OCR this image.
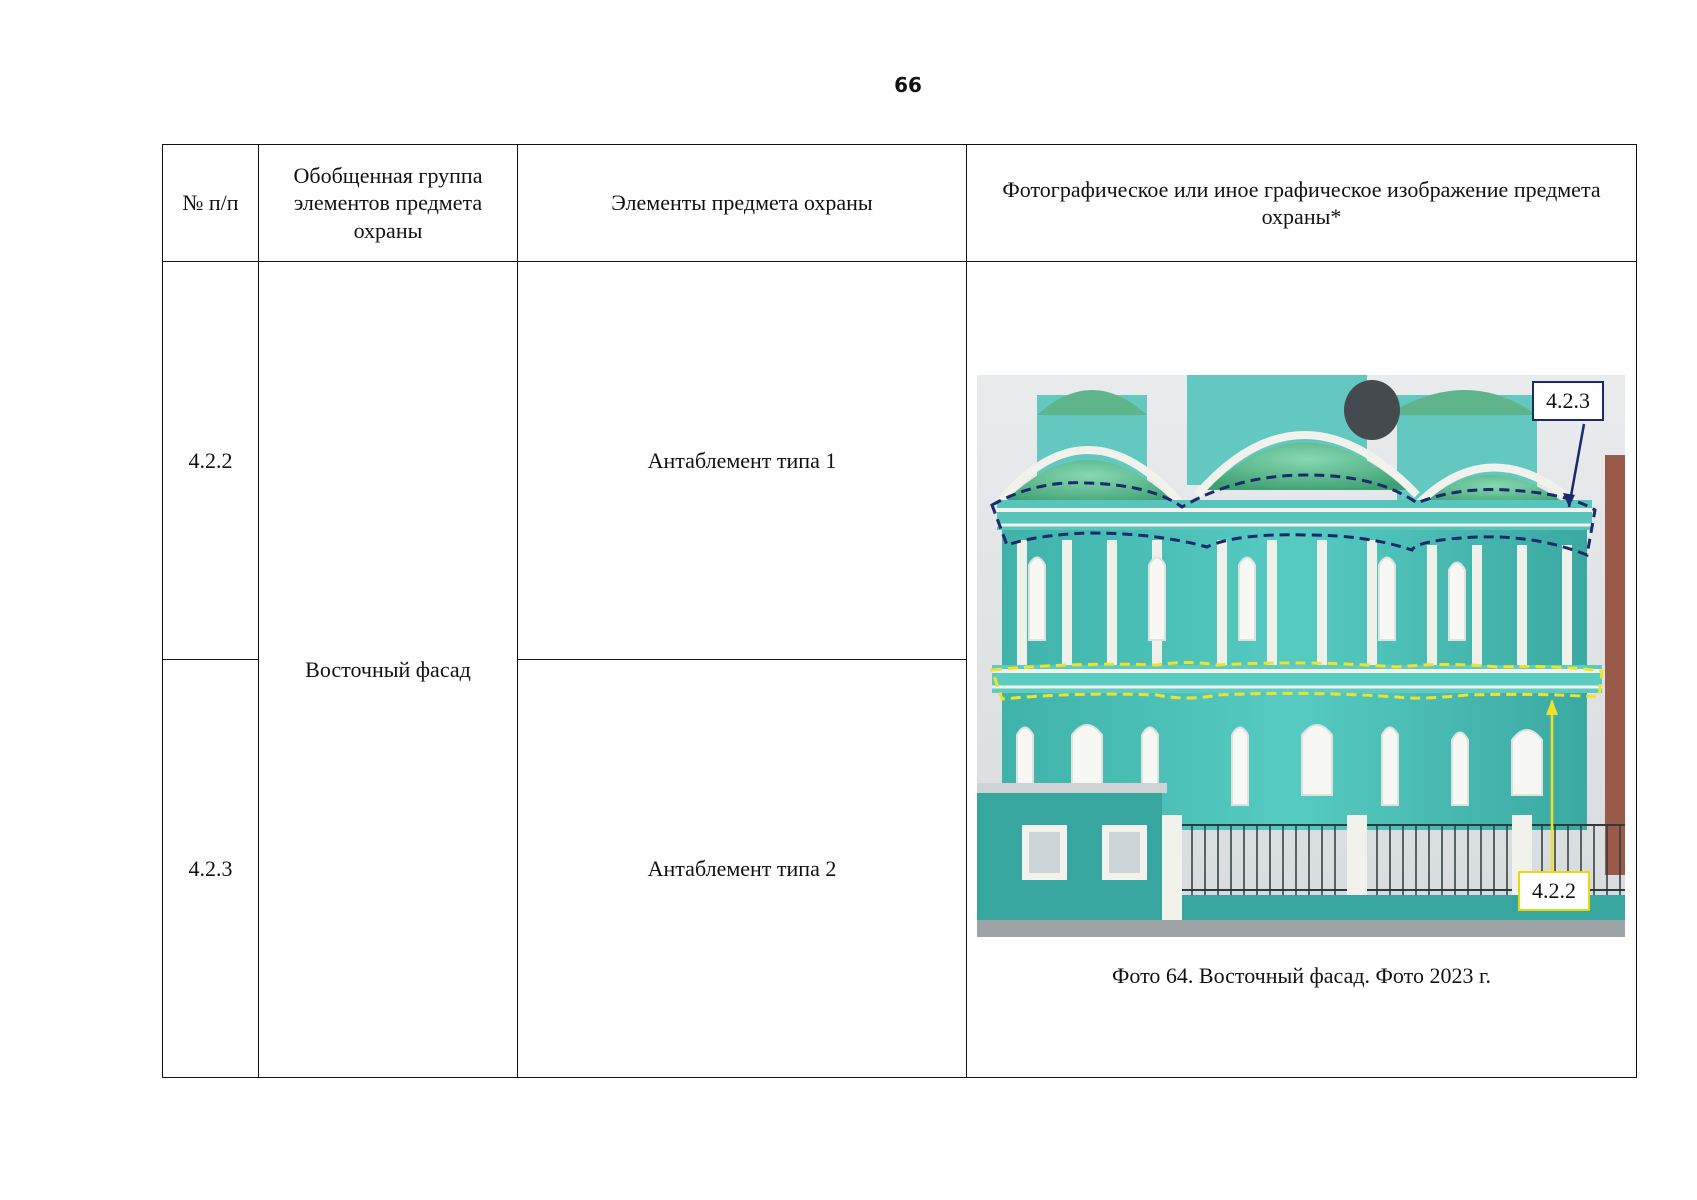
66
№ п/п	Обобщенная группа элементов предмета охраны	Элементы предмета охраны	Фотографическое или иное графическое изображение предмета охраны*
4.2.2	Восточный фасад	Антаблемент типа 1	4.2.3
4.2.2
Фото 64. Восточный фасад. Фото 2023 г.

4.2.3		Антаблемент типа 2	
